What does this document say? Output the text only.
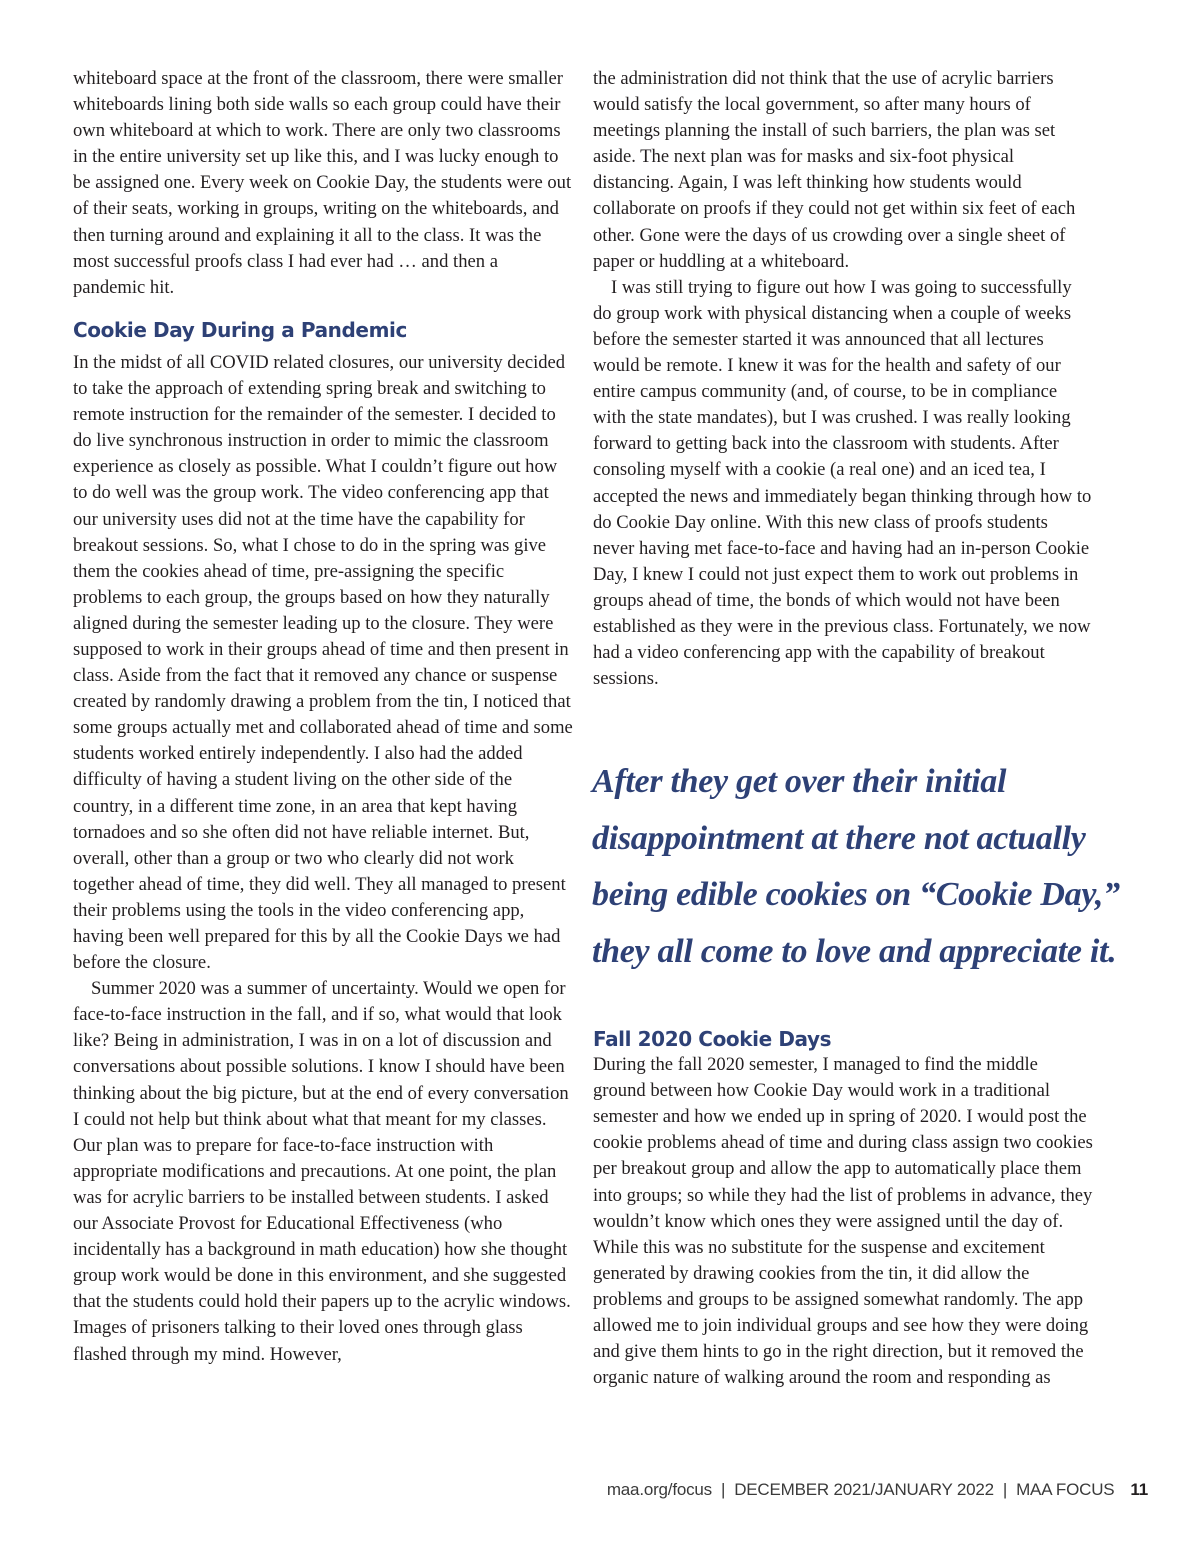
whiteboard space at the front of the classroom, there were smaller whiteboards lining both side walls so each group could have their own whiteboard at which to work. There are only two classrooms in the entire university set up like this, and I was lucky enough to be assigned one. Every week on Cookie Day, the students were out of their seats, working in groups, writing on the whiteboards, and then turning around and explaining it all to the class. It was the most successful proofs class I had ever had … and then a pandemic hit.

Cookie Day During a Pandemic

In the midst of all COVID related closures, our university decided to take the approach of extending spring break and switching to remote instruction for the remainder of the semester. I decided to do live synchronous instruction in order to mimic the classroom experience as closely as possible. What I couldn’t figure out how to do well was the group work. The video conferencing app that our university uses did not at the time have the capability for breakout sessions. So, what I chose to do in the spring was give them the cookies ahead of time, pre-assigning the specific problems to each group, the groups based on how they naturally aligned during the semester leading up to the closure. They were supposed to work in their groups ahead of time and then present in class. Aside from the fact that it removed any chance or suspense created by randomly drawing a problem from the tin, I noticed that some groups actually met and collaborated ahead of time and some students worked entirely independently. I also had the added difficulty of having a student living on the other side of the country, in a different time zone, in an area that kept having tornadoes and so she often did not have reliable internet. But, overall, other than a group or two who clearly did not work together ahead of time, they did well. They all managed to present their problems using the tools in the video conferencing app, having been well prepared for this by all the Cookie Days we had before the closure.

Summer 2020 was a summer of uncertainty. Would we open for face-to-face instruction in the fall, and if so, what would that look like? Being in administration, I was in on a lot of discussion and conversations about possible solutions. I know I should have been thinking about the big picture, but at the end of every conversation I could not help but think about what that meant for my classes. Our plan was to prepare for face-to-face instruction with appropriate modifications and precautions. At one point, the plan was for acrylic barriers to be installed between students. I asked our Associate Provost for Educational Effectiveness (who incidentally has a background in math education) how she thought group work would be done in this environment, and she suggested that the students could hold their papers up to the acrylic windows. Images of prisoners talking to their loved ones through glass flashed through my mind. However,

the administration did not think that the use of acrylic barriers would satisfy the local government, so after many hours of meetings planning the install of such barriers, the plan was set aside. The next plan was for masks and six-foot physical distancing. Again, I was left thinking how students would collaborate on proofs if they could not get within six feet of each other. Gone were the days of us crowding over a single sheet of paper or huddling at a whiteboard.

I was still trying to figure out how I was going to successfully do group work with physical distancing when a couple of weeks before the semester started it was announced that all lectures would be remote. I knew it was for the health and safety of our entire campus community (and, of course, to be in compliance with the state mandates), but I was crushed. I was really looking forward to getting back into the classroom with students. After consoling myself with a cookie (a real one) and an iced tea, I accepted the news and immediately began thinking through how to do Cookie Day online. With this new class of proofs students never having met face-to-face and having had an in-person Cookie Day, I knew I could not just expect them to work out problems in groups ahead of time, the bonds of which would not have been established as they were in the previous class. Fortunately, we now had a video conferencing app with the capability of breakout sessions.

After they get over their initial
disappointment at there not actually
being edible cookies on “Cookie Day,”
they all come to love and appreciate it.
Fall 2020 Cookie Days

During the fall 2020 semester, I managed to find the middle ground between how Cookie Day would work in a traditional semester and how we ended up in spring of 2020. I would post the cookie problems ahead of time and during class assign two cookies per breakout group and allow the app to automatically place them into groups; so while they had the list of problems in advance, they wouldn’t know which ones they were assigned until the day of. While this was no substitute for the suspense and excitement generated by drawing cookies from the tin, it did allow the problems and groups to be assigned somewhat randomly. The app allowed me to join individual groups and see how they were doing and give them hints to go in the right direction, but it removed the organic nature of walking around the room and responding as

maa.org/focus | DECEMBER 2021/JANUARY 2022 | MAA FOCUS 11
